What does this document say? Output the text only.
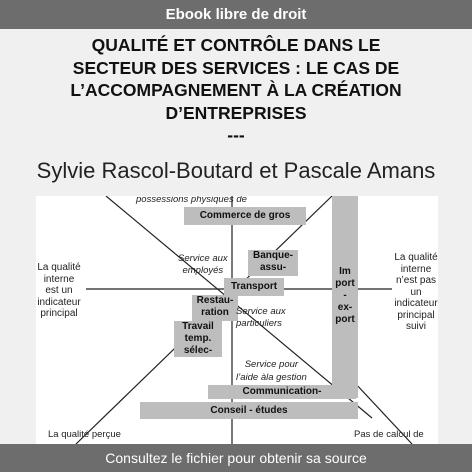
Ebook libre de droit
QUALITÉ ET CONTRÔLE DANS LE
SECTEUR DES SERVICES : LE CAS DE
L’ACCOMPAGNEMENT À LA CRÉATION
D’ENTREPRISES
---
Sylvie Rascol-Boutard et Pascale Amans
possessions physiques de
Commerce de gros
Service aux
employés
Banque-
assu-
Transport
Im
port
-
ex-
port
La qualité
interne
est un
indicateur
principal
La qualité
interne
n’est pas
un
indicateur
principal
suivi
Restau-
ration Service aux
particuliers
Travail
temp.
sélec-
Service pour
l’aide àla gestion
Communication-
Conseil - études
La qualité perçue	Pas de calcul de
Consultez le fichier pour obtenir sa source
